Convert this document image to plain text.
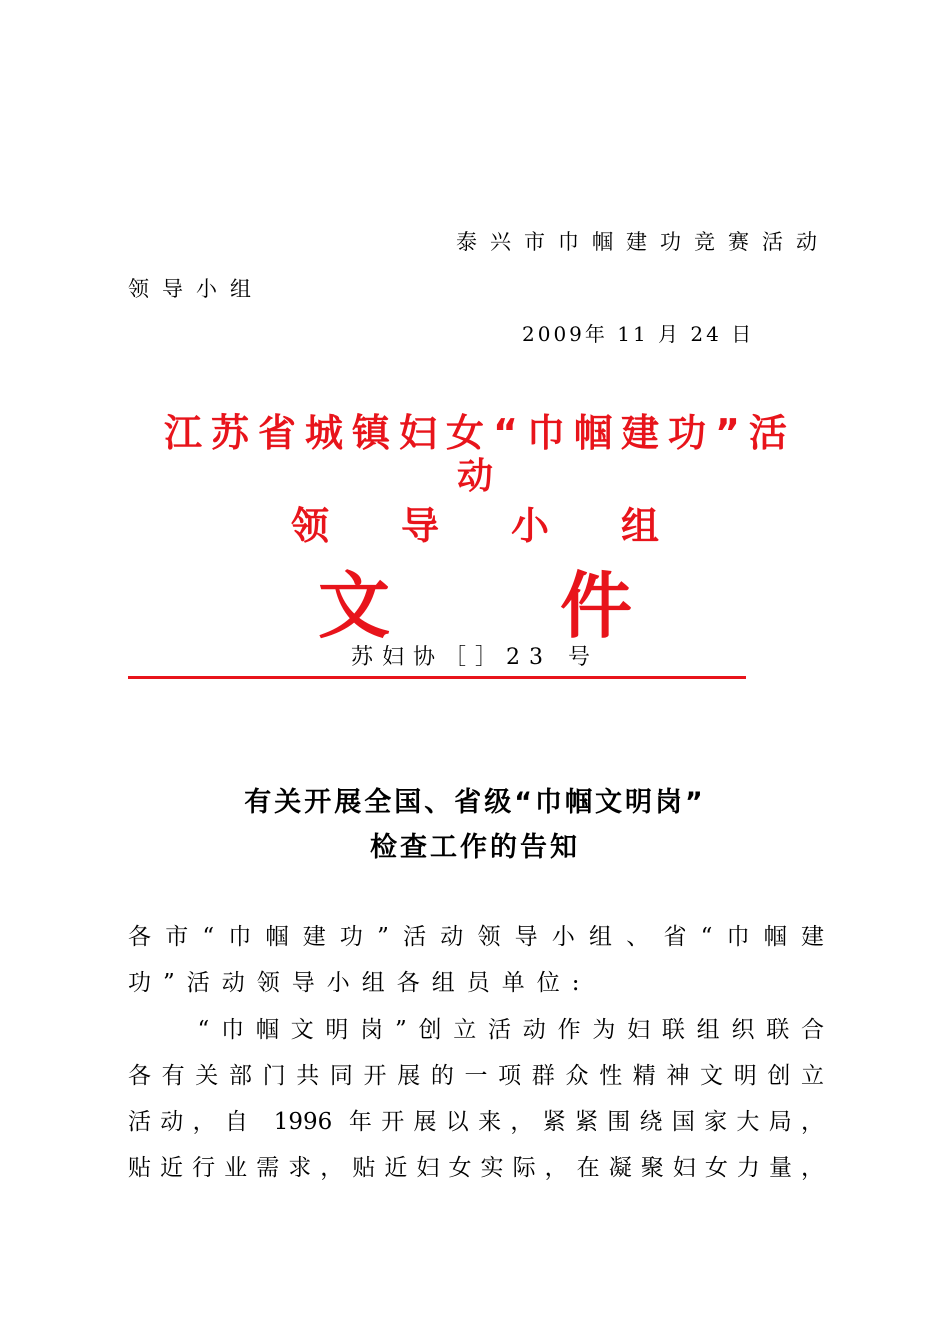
泰兴市巾帼建功竞赛活动
领导小组
2009年 11 月 24 日
江苏省城镇妇女“巾帼建功”活
动
领导小组
文件
苏妇协［］23 号
有关开展全国、省级“巾帼文明岗”
检查工作的告知
各市“巾帼建功”活动领导小组、省“巾帼建
功”活动领导小组各组员单位:
　　“巾帼文明岗”创立活动作为妇联组织联合
各有关部门共同开展的一项群众性精神文明创立
活动，自 1996 年开展以来，紧紧围绕国家大局，
贴近行业需求，贴近妇女实际，在凝聚妇女力量，
